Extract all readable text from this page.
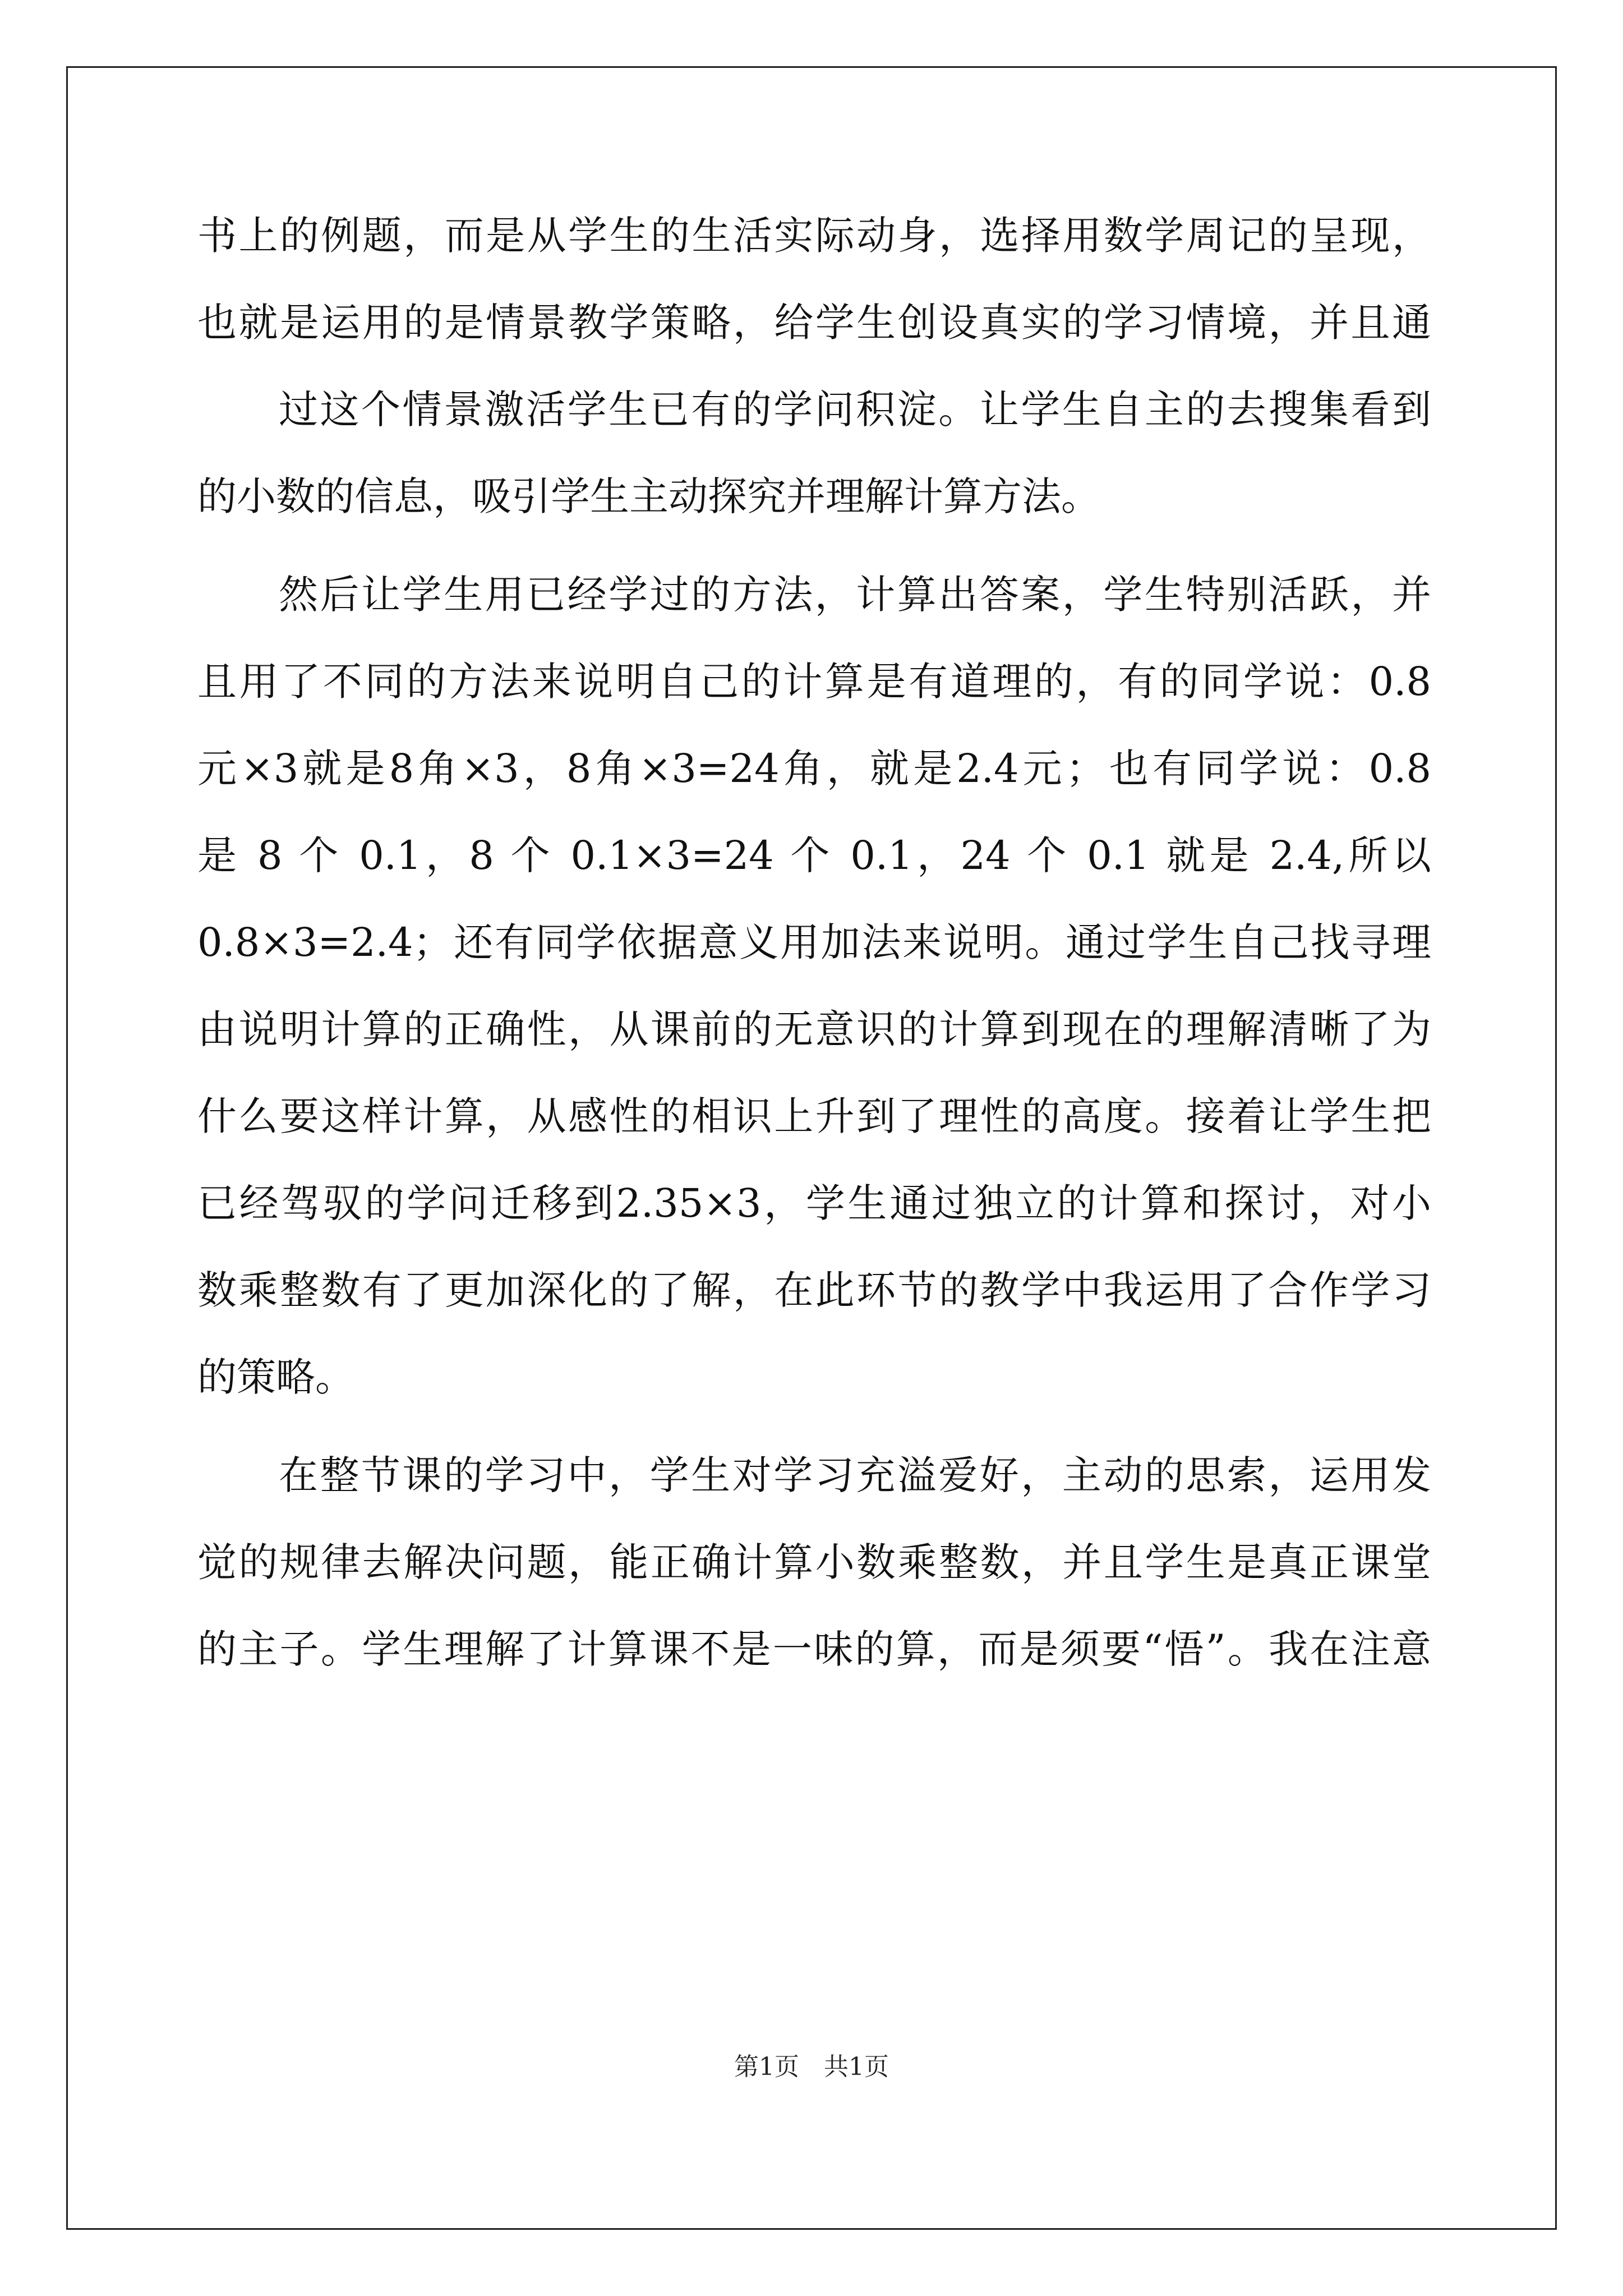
书上的例题，而是从学生的生活实际动身，选择用数学周记的呈现，
也就是运用的是情景教学策略，给学生创设真实的学习情境，并且通
过这个情景激活学生已有的学问积淀。让学生自主的去搜集看到
的小数的信息，吸引学生主动探究并理解计算方法。
然后让学生用已经学过的方法，计算出答案，学生特别活跃，并
且用了不同的方法来说明自己的计算是有道理的，有的同学说：0.8
元×3就是8角×3，8角×3=24角，就是2.4元；也有同学说：0.8
是 8 个 0.1，8 个 0.1×3=24 个 0.1，24 个 0.1 就是 2.4,所以
0.8×3=2.4；还有同学依据意义用加法来说明。通过学生自己找寻理
由说明计算的正确性，从课前的无意识的计算到现在的理解清晰了为
什么要这样计算，从感性的相识上升到了理性的高度。接着让学生把
已经驾驭的学问迁移到2.35×3，学生通过独立的计算和探讨，对小
数乘整数有了更加深化的了解，在此环节的教学中我运用了合作学习
的策略。
在整节课的学习中，学生对学习充溢爱好，主动的思索，运用发
觉的规律去解决问题，能正确计算小数乘整数，并且学生是真正课堂
的主子。学生理解了计算课不是一味的算，而是须要“悟”。我在注意
第1页　共1页
